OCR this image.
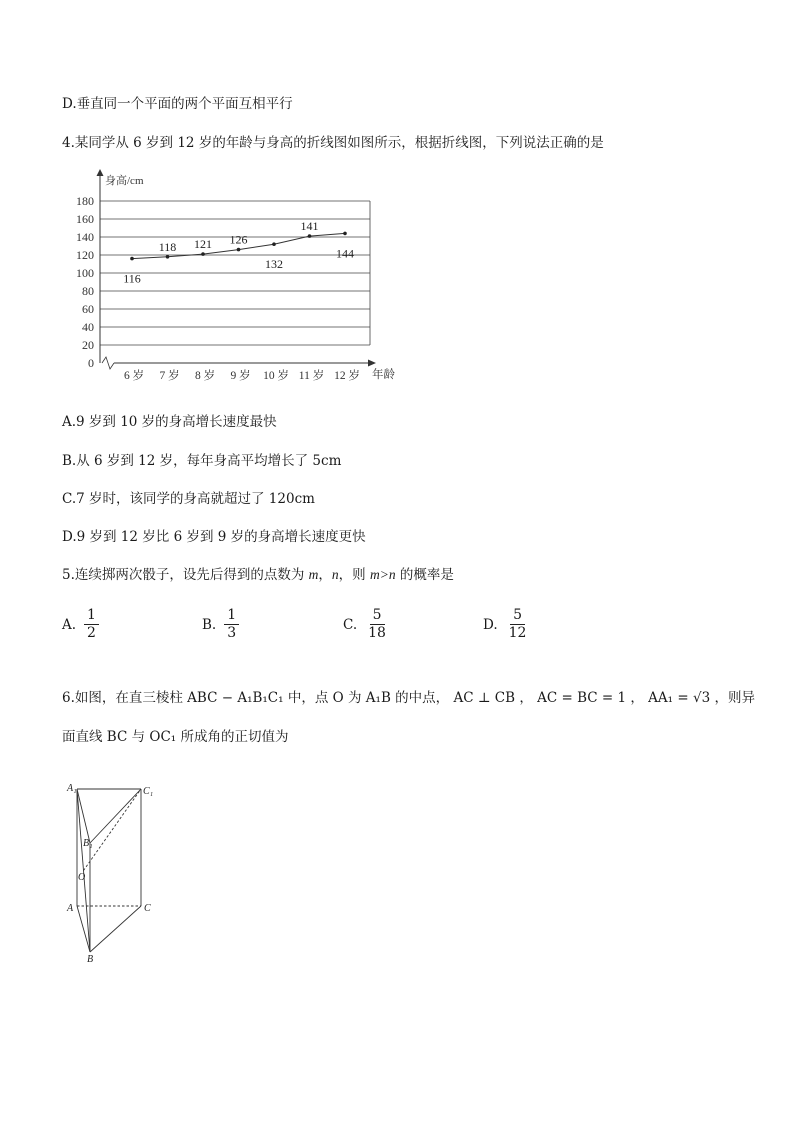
D.垂直同一个平面的两个平面互相平行
4.某同学从 6 岁到 12 岁的年龄与身高的折线图如图所示，根据折线图，下列说法正确的是
0
20
40
60
80
100
120
140
160
180
6 岁 7 岁 8 岁 9 岁 10 岁 11 岁 12 岁
身高/cm
年龄
116
118 121 126
132
141
144
A.9 岁到 10 岁的身高增长速度最快
B.从 6 岁到 12 岁，每年身高平均增长了 5cm
C.7 岁时，该同学的身高就超过了 120cm
D.9 岁到 12 岁比 6 岁到 9 岁的身高增长速度更快
5.连续掷两次骰子，设先后得到的点数为 m，n，则 m>n 的概率是
A. $\frac{1}{2}$	B. $\frac{1}{3}$	C. $\frac{5}{18}$	D. $\frac{5}{12}$
6.如图，在直三棱柱 ABC − A₁B₁C₁ 中，点 O 为 A₁B 的中点， AC ⊥ CB ， AC = BC = 1 ， AA₁ = √3 ，则异
面直线 BC 与 OC₁ 所成角的正切值为
A₁	C₁
B₁
O
A	C
B
